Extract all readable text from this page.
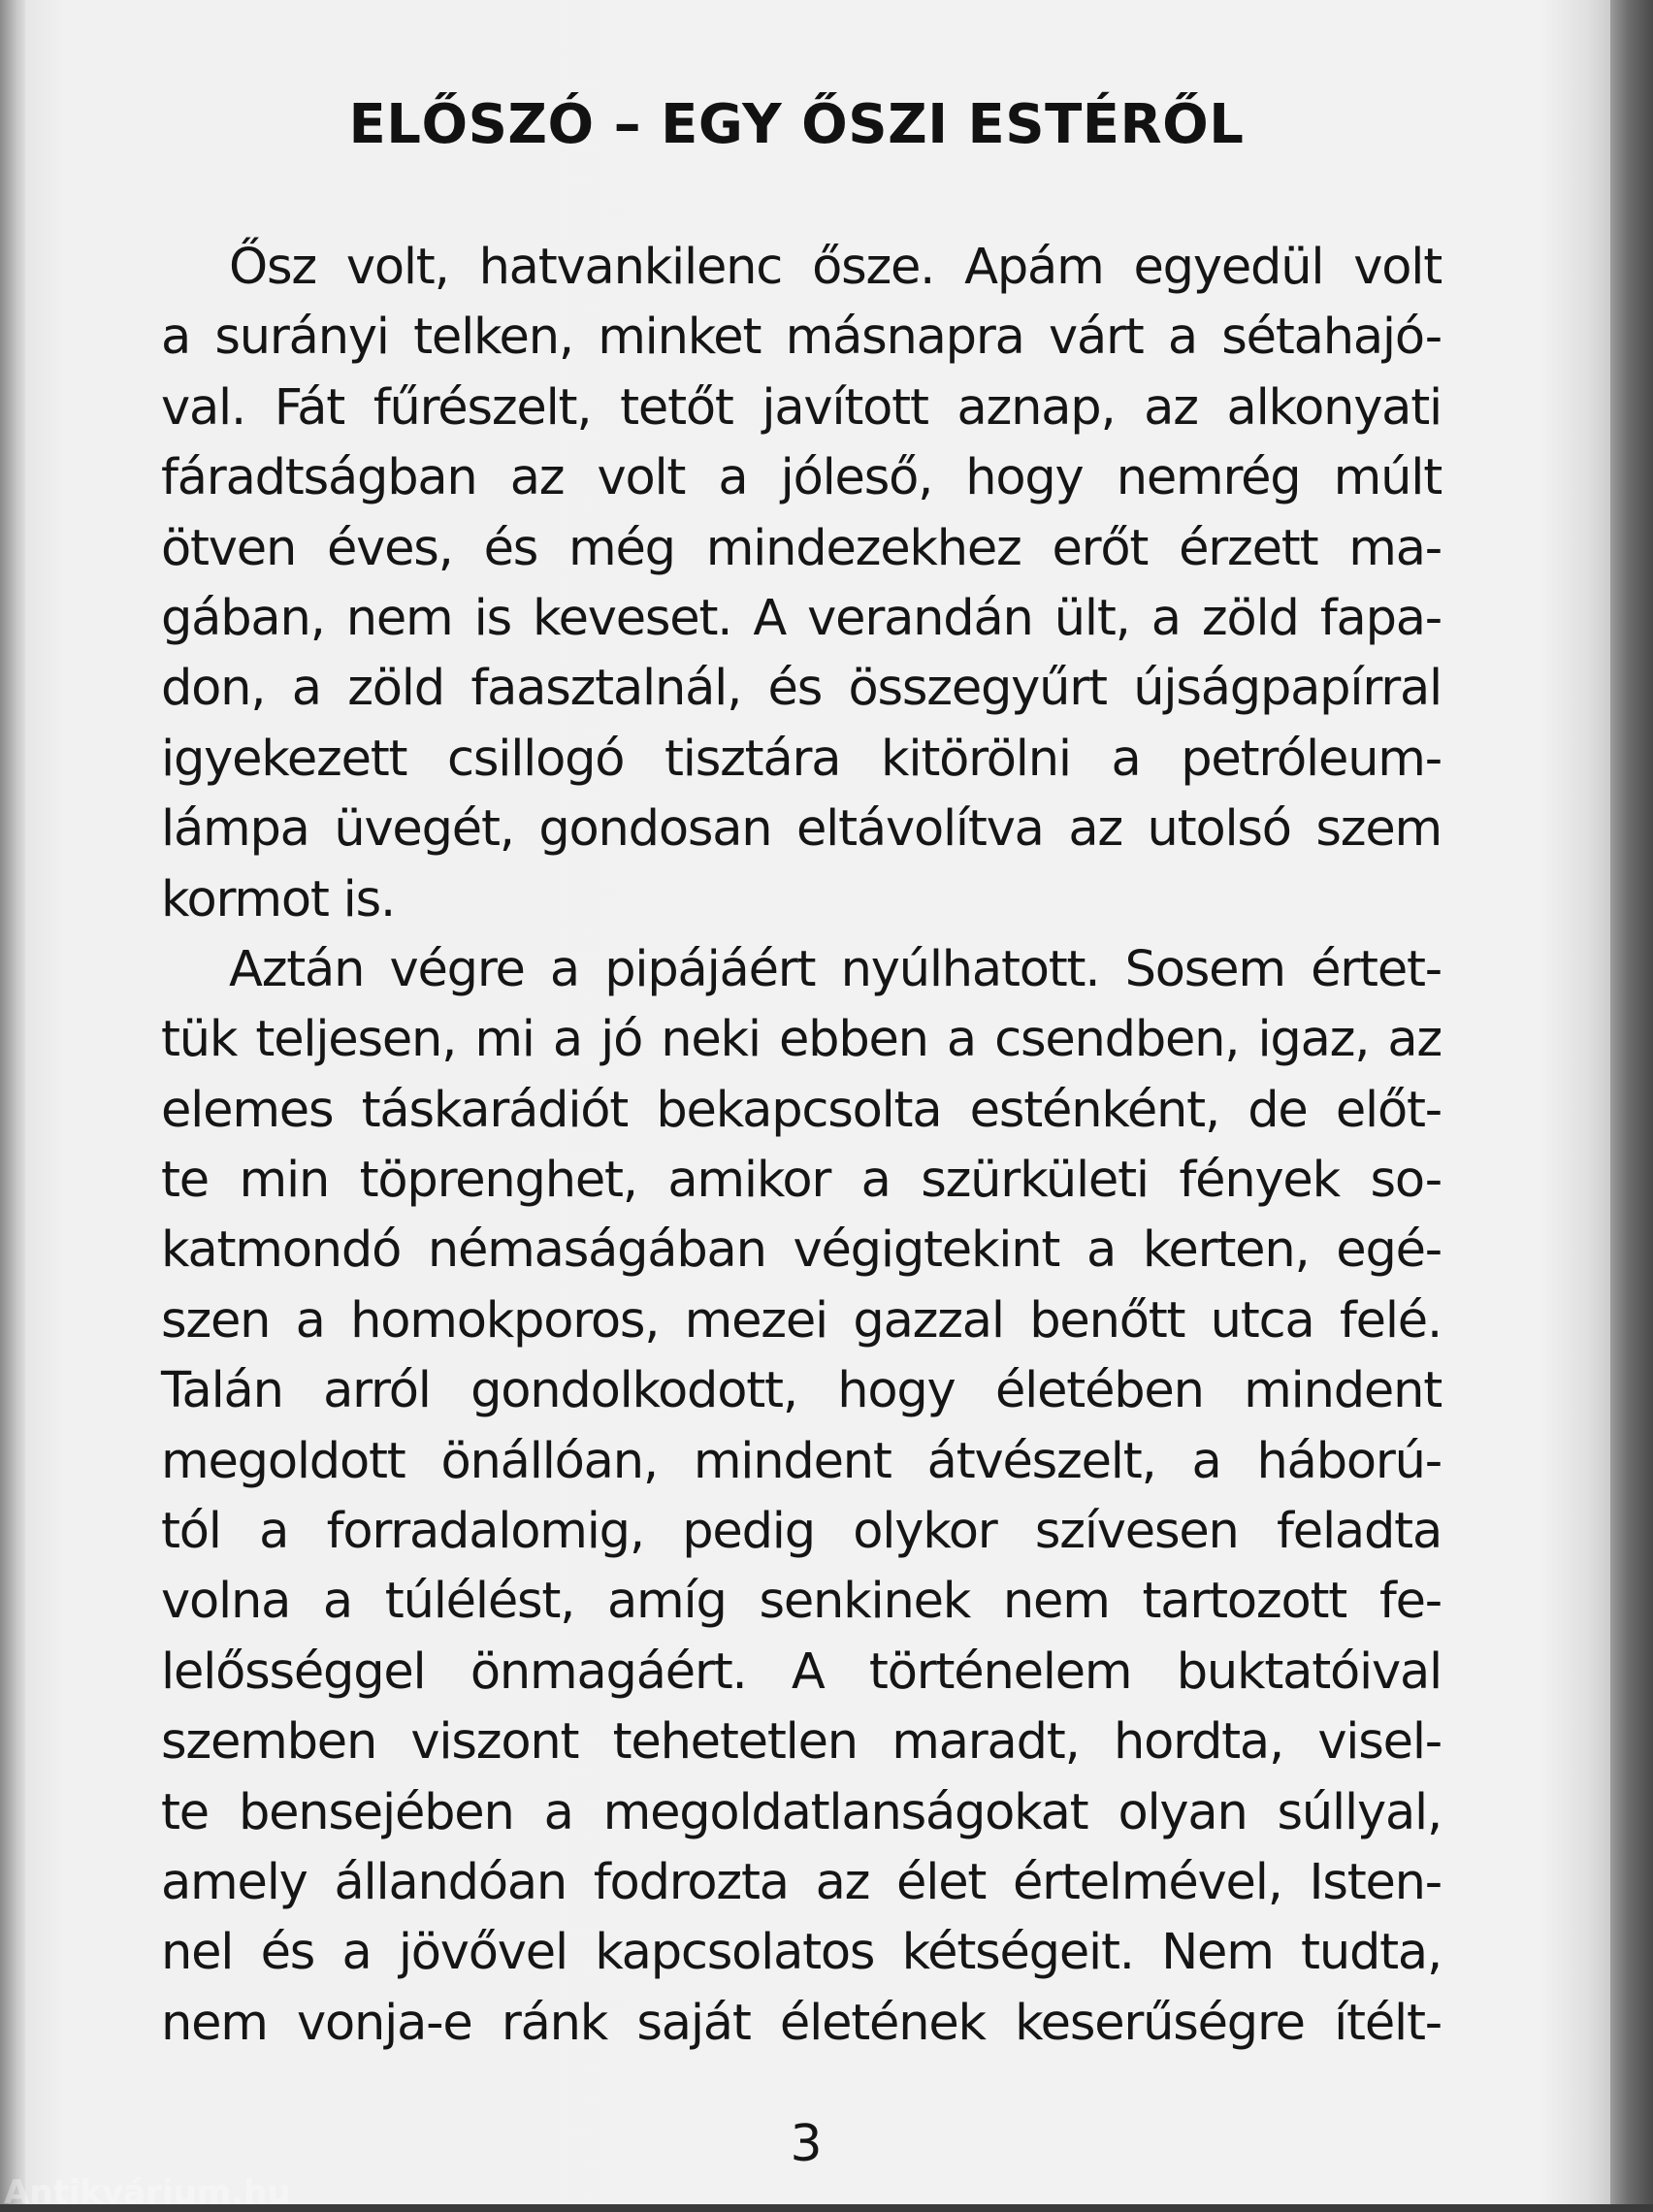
ELŐSZÓ – EGY ŐSZI ESTÉRŐL
Ősz volt, hatvankilenc ősze. Apám egyedül volt
a surányi telken, minket másnapra várt a sétahajó-
val. Fát fűrészelt, tetőt javított aznap, az alkonyati
fáradtságban az volt a jóleső, hogy nemrég múlt
ötven éves, és még mindezekhez erőt érzett ma-
gában, nem is keveset. A verandán ült, a zöld fapa-
don, a zöld faasztalnál, és összegyűrt újságpapírral
igyekezett csillogó tisztára kitörölni a petróleum-
lámpa üvegét, gondosan eltávolítva az utolsó szem
kormot is.
Aztán végre a pipájáért nyúlhatott. Sosem értet-
tük teljesen, mi a jó neki ebben a csendben, igaz, az
elemes táskarádiót bekapcsolta esténként, de előt-
te min töprenghet, amikor a szürkületi fények so-
katmondó némaságában végigtekint a kerten, egé-
szen a homokporos, mezei gazzal benőtt utca felé.
Talán arról gondolkodott, hogy életében mindent
megoldott önállóan, mindent átvészelt, a háború-
tól a forradalomig, pedig olykor szívesen feladta
volna a túlélést, amíg senkinek nem tartozott fe-
lelősséggel önmagáért. A történelem buktatóival
szemben viszont tehetetlen maradt, hordta, visel-
te bensejében a megoldatlanságokat olyan súllyal,
amely állandóan fodrozta az élet értelmével, Isten-
nel és a jövővel kapcsolatos kétségeit. Nem tudta,
nem vonja-e ránk saját életének keserűségre ítélt-
3
Antikvárium.hu
